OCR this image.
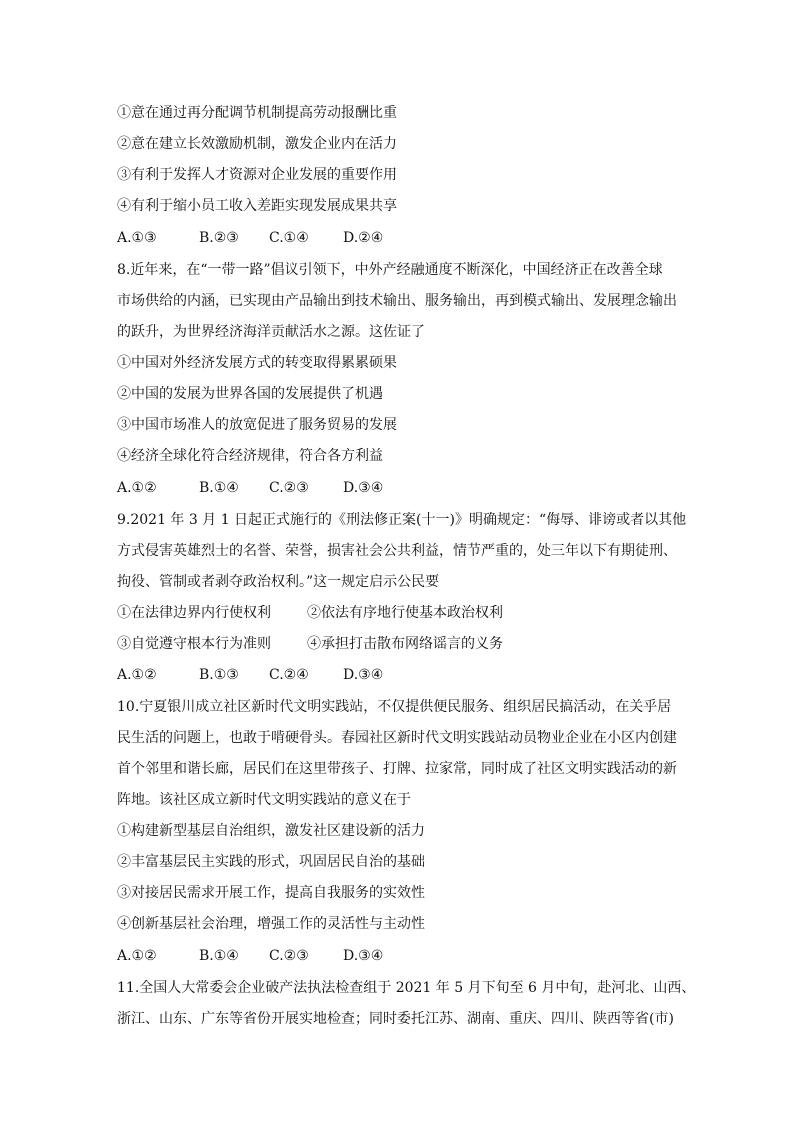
①意在通过再分配调节机制提高劳动报酬比重
②意在建立长效激励机制，激发企业内在活力
③有利于发挥人才资源对企业发展的重要作用
④有利于缩小员工收入差距实现发展成果共享
A.①③	B.②③ C.①④ D.②④
8.近年来，在“一带一路”倡议引领下，中外产经融通度不断深化，中国经济正在改善全球
市场供给的内涵，已实现由产品输出到技术输出、服务输出，再到模式输出、发展理念输出
的跃升，为世界经济海洋贡献活水之源。这佐证了
①中国对外经济发展方式的转变取得累累硕果
②中国的发展为世界各国的发展提供了机遇
③中国市场准人的放宽促进了服务贸易的发展
④经济全球化符合经济规律，符合各方利益
A.①②	B.①④ C.②③ D.③④
9.2021 年 3 月 1 日起正式施行的《刑法修正案(十一)》明确规定：“侮辱、诽谤或者以其他
方式侵害英雄烈士的名誉、荣誉，损害社会公共利益，情节严重的，处三年以下有期徒刑、
拘役、管制或者剥夺政治权利。”这一规定启示公民要
①在法律边界内行使权利	②依法有序地行使基本政治权利
③自觉遵守根本行为准则	④承担打击散布网络谣言的义务
A.①②	B.①③ C.②④ D.③④
10.宁夏银川成立社区新时代文明实践站，不仅提供便民服务、组织居民搞活动，在关乎居
民生活的问题上，也敢于啃硬骨头。春园社区新时代文明实践站动员物业企业在小区内创建
首个邻里和谐长廊，居民们在这里带孩子、打牌、拉家常，同时成了社区文明实践活动的新
阵地。该社区成立新时代文明实践站的意义在于
①构建新型基层自治组织，激发社区建设新的活力
②丰富基层民主实践的形式，巩固居民自治的基础
③对接居民需求开展工作，提高自我服务的实效性
④创新基层社会治理，增强工作的灵活性与主动性
A.①②	B.①④ C.②③ D.③④
11.全国人大常委会企业破产法执法检查组于 2021 年 5 月下旬至 6 月中旬，赴河北、山西、
浙江、山东、广东等省份开展实地检查；同时委托江苏、湖南、重庆、四川、陕西等省(市)
